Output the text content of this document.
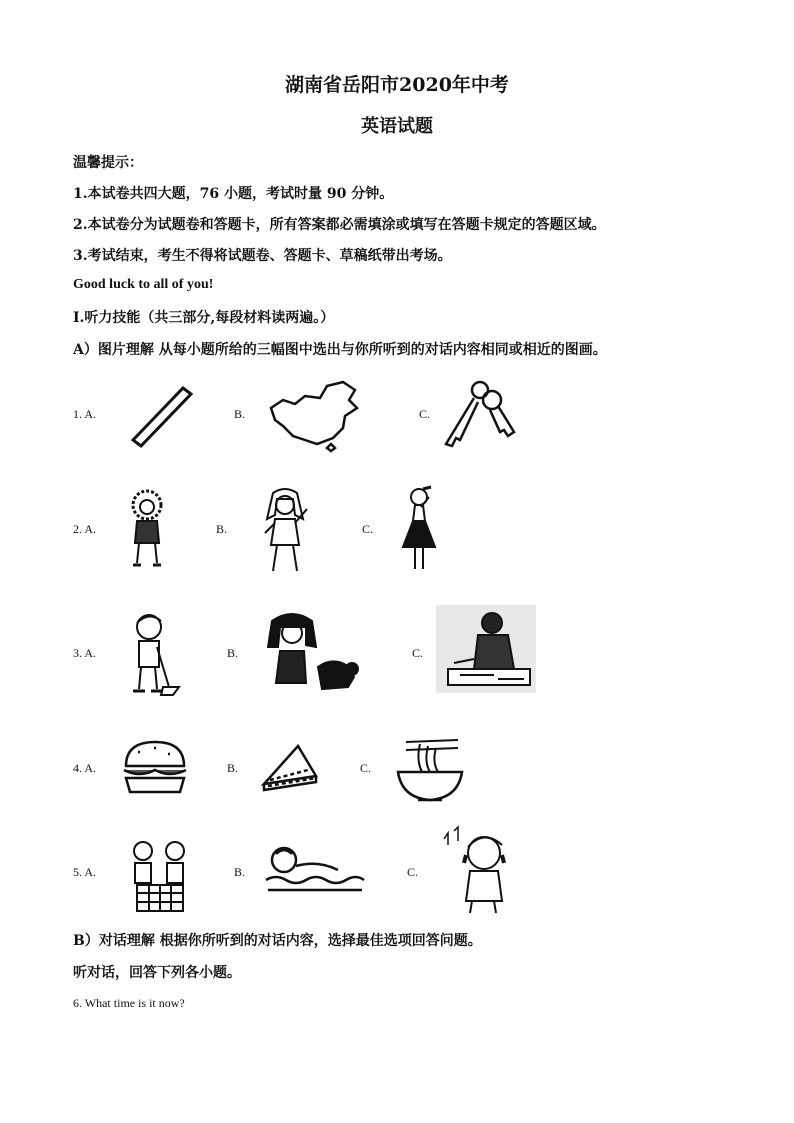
湖南省岳阳市2020年中考
英语试题
温馨提示：
1.本试卷共四大题，76 小题，考试时量 90 分钟。
2.本试卷分为试题卷和答题卡，所有答案都必需填涂或填写在答题卡规定的答题区域。
3.考试结束，考生不得将试题卷、答题卡、草稿纸带出考场。
Good luck to all of you!
I.听力技能（共三部分,每段材料读两遍。）
A）图片理解 从每小题所给的三幅图中选出与你所听到的对话内容相同或相近的图画。
1. A.	B.	C.
2. A.	B.	C.
3. A.	B.	C.
4. A.	B.	C.
5. A.	B.	C.
B）对话理解 根据你所听到的对话内容，选择最佳选项回答问题。
听对话，回答下列各小题。
6. What time is it now?
